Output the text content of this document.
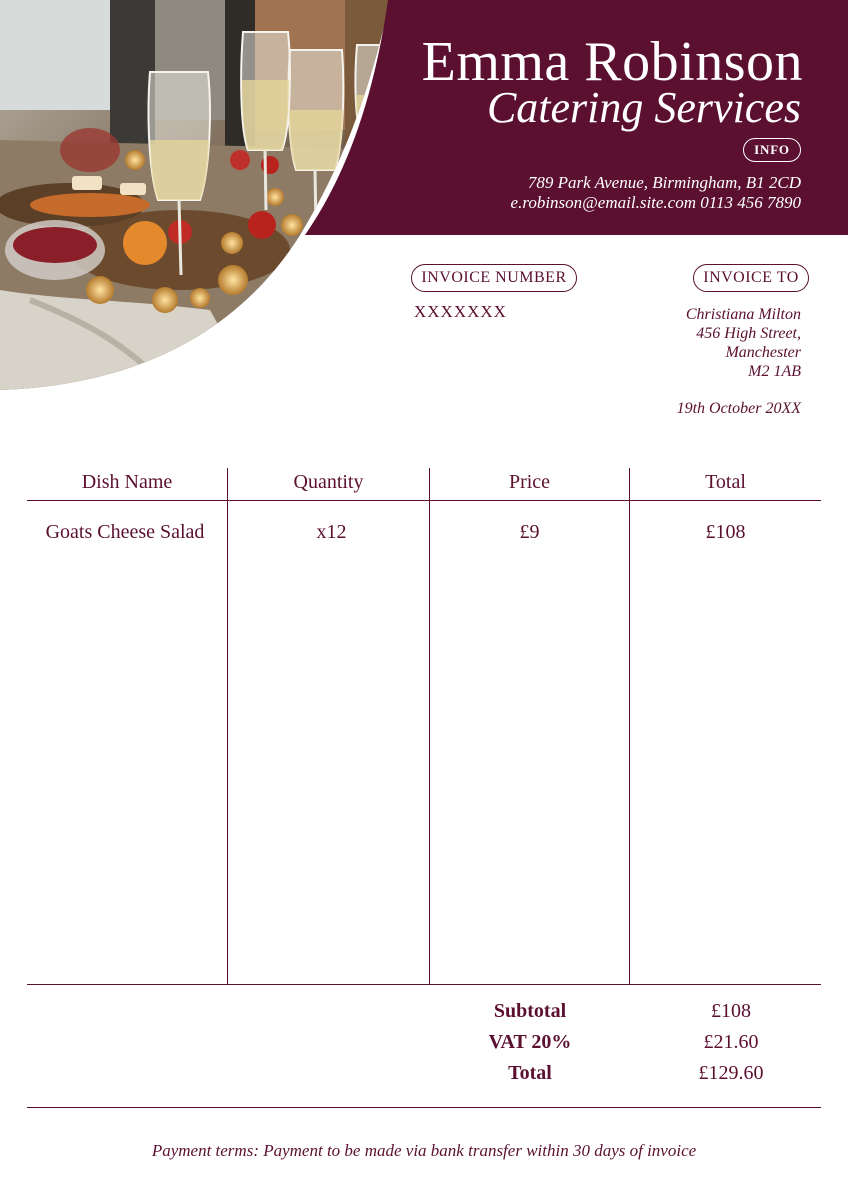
Emma Robinson
Catering Services
INFO
789 Park Avenue, Birmingham, B1 2CD
e.robinson@email.site.com 0113 456 7890
INVOICE NUMBER
XXXXXXX
INVOICE TO
Christiana Milton
456 High Street,
Manchester
M2 1AB
19th October 20XX
Dish Name	Quantity	Price	Total
Goats Cheese Salad	x12	£9	£108
Subtotal	£108
VAT 20%	£21.60
Total	£129.60
Payment terms: Payment to be made via bank transfer within 30 days of invoice
